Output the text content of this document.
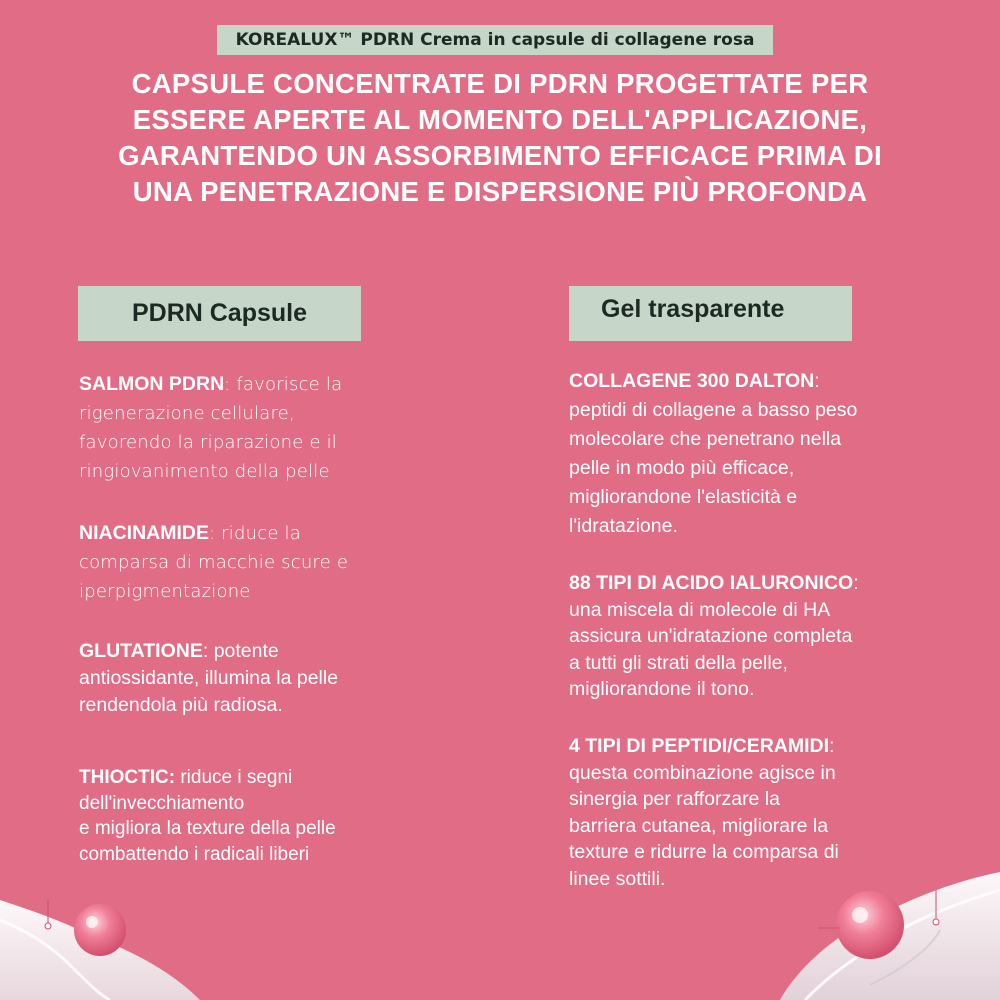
KOREALUX™ PDRN Crema in capsule di collagene rosa
CAPSULE CONCENTRATE DI PDRN PROGETTATE PER
ESSERE APERTE AL MOMENTO DELL'APPLICAZIONE,
GARANTENDO UN ASSORBIMENTO EFFICACE PRIMA DI
UNA PENETRAZIONE E DISPERSIONE PIÙ PROFONDA
PDRN Capsule	Gel trasparente
SALMON PDRN: favorisce la
rigenerazione cellulare,
favorendo la riparazione e il
ringiovanimento della pelle
NIACINAMIDE: riduce la
comparsa di macchie scure e
iperpigmentazione
GLUTATIONE: potente
antiossidante, illumina la pelle
rendendola più radiosa.
THIOCTIC: riduce i segni
dell'invecchiamento
e migliora la texture della pelle
combattendo i radicali liberi
COLLAGENE 300 DALTON:
peptidi di collagene a basso peso
molecolare che penetrano nella
pelle in modo più efficace,
migliorandone l'elasticità e
l'idratazione.
88 TIPI DI ACIDO IALURONICO:
una miscela di molecole di HA
assicura un'idratazione completa
a tutti gli strati della pelle,
migliorandone il tono.
4 TIPI DI PEPTIDI/CERAMIDI:
questa combinazione agisce in
sinergia per rafforzare la
barriera cutanea, migliorare la
texture e ridurre la comparsa di
linee sottili.
